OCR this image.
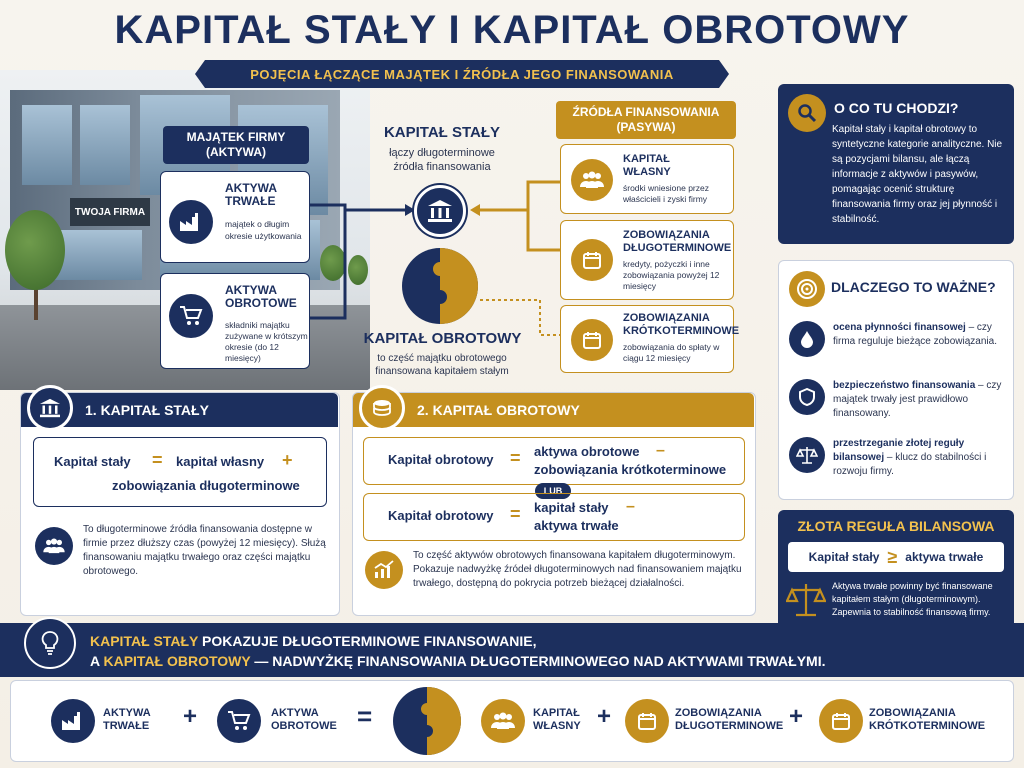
TWOJA FIRMA
KAPITAŁ STAŁY I KAPITAŁ OBROTOWY
POJĘCIA ŁĄCZĄCE MAJĄTEK I ŹRÓDŁA JEGO FINANSOWANIA
MAJĄTEK FIRMY
(AKTYWA)
AKTYWA
TRWAŁE
majątek o długim okresie użytkowania
AKTYWA
OBROTOWE
składniki majątku zużywane w krótszym okresie (do 12 miesięcy)
KAPITAŁ STAŁY
łączy długoterminowe źródła finansowania
KAPITAŁ OBROTOWY
to część majątku obrotowego finansowana kapitałem stałym
ŹRÓDŁA FINANSOWANIA
(PASYWA)
KAPITAŁ
WŁASNY
środki wniesione przez właścicieli i zyski firmy
ZOBOWIĄZANIA
DŁUGOTERMINOWE
kredyty, pożyczki i inne zobowiązania powyżej 12 miesięcy
ZOBOWIĄZANIA
KRÓTKOTERMINOWE
zobowiązania do spłaty w ciągu 12 miesięcy
O CO TU CHODZI?
Kapitał stały i kapitał obrotowy to syntetyczne kategorie analityczne. Nie są pozycjami bilansu, ale łączą informacje z aktywów i pasywów, pomagając ocenić strukturę finansowania firmy oraz jej płynność i stabilność.
DLACZEGO TO WAŻNE?
ocena płynności finansowej – czy firma reguluje bieżące zobowiązania.
bezpieczeństwo finansowania – czy majątek trwały jest prawidłowo finansowany.
przestrzeganie złotej reguły bilansowej – klucz do stabilności i rozwoju firmy.
ZŁOTA REGUŁA BILANSOWA
Kapitał stały ≥ aktywa trwałe
Aktywa trwałe powinny być finansowane kapitałem stałym (długoterminowym). Zapewnia to stabilność finansową firmy.
1. KAPITAŁ STAŁY
Kapitał stały = kapitał własny +
zobowiązania długoterminowe
To długoterminowe źródła finansowania dostępne w firmie przez dłuższy czas (powyżej 12 miesięcy). Służą finansowaniu majątku trwałego oraz części majątku obrotowego.
2. KAPITAŁ OBROTOWY
Kapitał obrotowy = aktywa obrotowe –
zobowiązania krótkoterminowe
LUB
Kapitał obrotowy = kapitał stały –
aktywa trwałe
To część aktywów obrotowych finansowana kapitałem długoterminowym. Pokazuje nadwyżkę źródeł długoterminowych nad finansowaniem majątku trwałego, dostępną do pokrycia potrzeb bieżącej działalności.
KAPITAŁ STAŁY POKAZUJE DŁUGOTERMINOWE FINANSOWANIE,
A KAPITAŁ OBROTOWY — NADWYŻKĘ FINANSOWANIA DŁUGOTERMINOWEGO NAD AKTYWAMI TRWAŁYMI.
AKTYWA
TRWAŁE +	AKTYWA
OBROTOWE =	KAPITAŁ
WŁASNY +	ZOBOWIĄZANIA
DŁUGOTERMINOWE +	ZOBOWIĄZANIA
KRÓTKOTERMINOWE
